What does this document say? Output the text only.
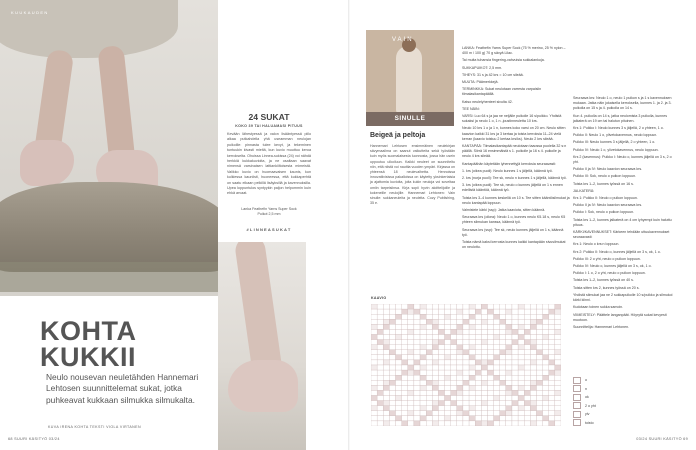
KUUKAUDEN
KOHTA
KUKKII
Neulo nousevan neuletähden Hannemari Lehtosen suunnittelemat sukat, jotka puhkeavat kukkaan silmukka silmukalta.
KUVA IRENA KOHTA TEKSTI VIOLA VIRTANEN
24 SUKAT
KOKO 39 TAI HALUAMASI PITUUS
Kevään lähestyessä ja valon lisääntyessä piilo alkaa putkahdella yhä useamman neulojan puikoille: pinnasta tulee kevyt, ja tekeminen tuntuukin kivasti mieltä, kun kuvio muuttuu keroa kerrokselta. Ohuissa Linnea-sukissa (24) voi nähdä herkkiä kukkakuvioita, ja ne osaltaan saavat nimensä varsinaisen lattiankiiltoisesta mimeistä. Valikko kuvio on huomaavaisen kaunis, kun kulkiessa kauniisti, huoneessa, että kukkaperhtä on saatu eikaan pelkillä lisäyksillä ja kavennuksilla. Upea loppuntulos syntyykin paljon helpommin kuin ehkä arvaat.
Lanka Feathefin Yarns Super Sock
Puikot 2,5 mm
#LINNEASUKAT
VAIN
SINULLE
Beigeä ja peltoja
Hannemari Lehtosen ensimmäinen neulekirjan sävymaailma on saanut vaikutteita sekä työstään kuin myös suomalaisesta luonnosta, jossa hän usein uppoutuu ulkoiluun. Kaikki neuleet on suunniteltu niin, että niistä voi nauttia vuoden ympäri. Kirjassa on yhteensä 18 neulevalhetta. Hennoissa innovatiivisissa pakalloissa on käytetty yksinkertaisia ja ajattomia kuvioita, joita kukin neuloja voi soveltaa omiin tarpeisiinsa. Kirja sopii hyvin aloittelijoille ja kokeneille neulojille. Hannemari Lehtonen: Vain sinulle: sukkaneuleita ja neuleita. Cozy Publishing, 35 e.

LANKA: Feathefin Yarns Super Sock (75 % merino, 25 % nylon – 400 m / 100 g) 70 g sävyä Lilac.

Tai muita tuhansia fingering-vahvuisia sukkalankoja.

SUKKAPUIKOT: 2,5 mm.

TIHEYS: 31 s ja 42 krs = 10 cm sileää.

MUUTA: Päämerkkejä.

TERMINKKA: Sukat neulotaan varresta varpaisiin tiimalasikantapäällä.

Katso neulelyhenteet sivulta 42.

TEE NÄIN:

VARSI: Luo 64 s ja jaa ne neljälle puikolle 16 s/puikko. Yhdistä sukaksi ja neulo 1 o, 1 n -joustinneuletta 10 krs.

Neulo 10 krs 1 o ja 1 n, kunnes koko varsi on 20 cm. Neulo sitten kaavion kaikki 31 krs ja 3 kertaa ja toista kerroksia 11–24 vielä kerran (kaavio toistuu 2 kertaa krs/ks). Neulo 2 krs sileää.

KANTAPÄÄ: Tiimalasikantapää neulotaan taaossa puolella 32 s:n päällä. Siirrä 16 ensimmäistä s 1. puikolle ja 16 s 4. puikolle ja neulo 4 krs sileää.

Kantapäähän käytetään lyhennettyjä kerroksia seuraavasti:

1. krs (oikea puoli): Neulo kunnes 1 s jäljellä, käännä työ.

2. krs (nurja puoli): Tee sk, neulo n kunnes 1 s jäljellä, käännä työ.

3. krs (oikea puoli): Tee sk, neulo o kunnes jäljellä on 1 s ennen edellistä kääntöä, käännä työ.

Toista krs 3–4 kunnes keskellä on 10 s. Tee sitten kääntösilmukat ja neulo kantapää loppuun.

Valmistele kärki (ssp): Jatka kaaviota, sitten käännä.

Seuraava krs (oikea): Neulo 1 o, kunnes neulo K5.18 s, neulo K5 yhteen silmukan kanssa, käännä työ.

Seuraava krs (ssp): Tee sk, neulo kunnes jäljellä on 1 s, käännä työ.

Toista nämä kaksi kerrosta kunnes kaikki kantapään sivusilmukat on neulottu.

Seuraava krs: Neulo 1 o, neulo 1 puikon s ja 1 s kavennuksen mukaan. Jatka näin jokaisella kerroksella, kunnes 1. ja 2. ja 3. puikolla on 15 s ja 4. puikolla on 14 s.

Kun 4. puikolla on 14 s, jatka neulomista 3 puikolla, kunnes jalkaterä on 19 cm tai halutun pituinen.

Krs 1: Puikko I: Neulo kunnes 3 s jäljellä, 2 o yhteen, 1 o.

Puikko II: Neulo 1 o, ylivetokavennus, neulo loppuun.

Puikko III: Neulo kunnes 3 s jäljellä, 2 o yhteen, 1 o.

Puikko IV: Neulo 1 o, ylivetokavennus, neulo loppuun.

Krs 2 (kavennus): Puikko I: Neulo o, kunnes jäljellä on 3 s, 2 o yht.

Puikko II ja IV: Neulo kaavion seuraava krs.

Puikko III: Sok, neulo o puikon loppuun.

Toista krs 1–2, kunnes työssä on 16 s.

JALKATERÄ:

Krs 1: Puikko II: Neulo o puikon loppuun.

Puikko II ja IV: Neulo kaavion seuraava krs.

Puikko I: Sok, neulo o puikon loppuun.

Toista krs 1–2, kunnes jalkaterä on 4 cm lyhyempi kuin haluttu pituus.

KÄRKI/KAVENNUKSET: Kärkeen tehdään uttuukavennukset seuraavasti:

Krs 1: Neulo o krs:n loppuun.

Krs 2: Puikko II: Neulo o, kunnes jäljellä on 3 s, ok, 1 o.

Puikko III: 2 o yht, neulo o puikon loppuun.

Puikko IV: Neulo o, kunnes jäljellä on 3 s, ok, 1 o.

Puikko I: 1 o, 2 o yht, neulo o puikon loppuun.

Toista krs 1–2, kunnes työssä on 40 s.

Toista sitten krs 2, kunnes työssä on 20 s.

Yhdistä silmukat jaa ne 2 sukkapuikolle 10 s/puikko ja silmukoi kärki kiinni.

Kudotaan toinen sukka samoin.

VIIMEISTELY: Päättele langanpäät. Höyrytä sukat kevyesti muotoon.

Suunnittelija: Hannemari Lehtonen.

KAAVIO
o
n
ok
2 o yht
ylv
toisto
68 SUURI KÄSITYÖ 03/24	03/24 SUURI KÄSITYÖ 69
